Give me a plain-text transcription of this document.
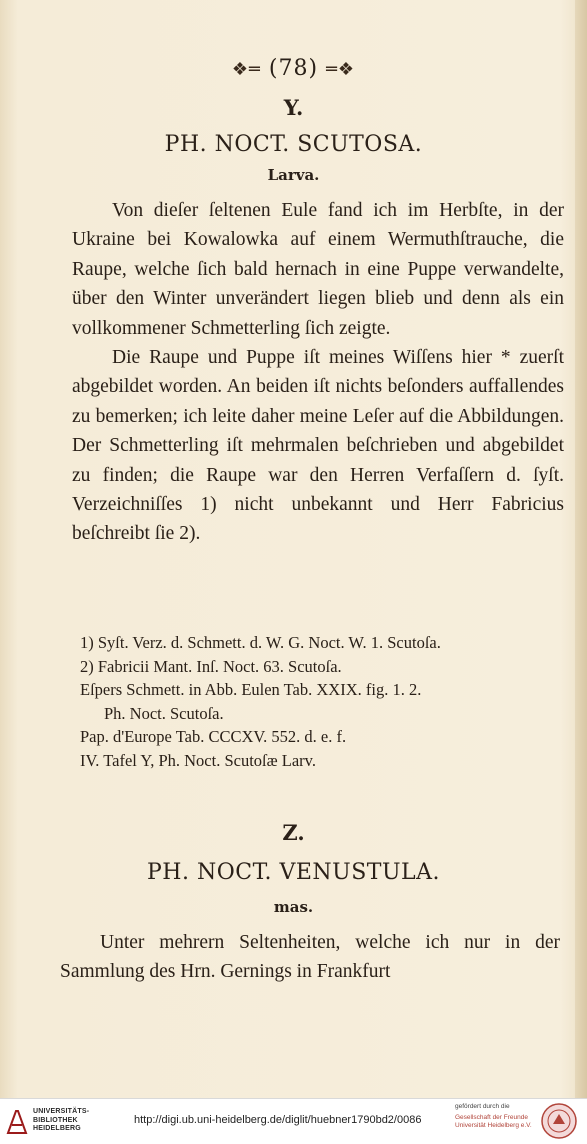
❖═ (78) ═❖
Y.
PH. NOCT. SCUTOSA.
Larva.

Von dieſer ſeltenen Eule fand ich im Herbſte, in der Ukraine bei Kowalowka auf einem Wermuthſtrauche, die Raupe, welche ſich bald hernach in eine Puppe verwandelte, über den Winter unverändert liegen blieb und denn als ein vollkommener Schmetterling ſich zeigte.

Die Raupe und Puppe iſt meines Wiſſens hier * zuerſt abgebildet worden. An beiden iſt nichts beſonders auffallendes zu bemerken; ich leite daher meine Leſer auf die Abbildungen. Der Schmetterling iſt mehrmalen beſchrieben und abgebildet zu finden; die Raupe war den Herren Verfaſſern d. ſyſt. Verzeichniſſes 1) nicht unbekannt und Herr Fabricius beſchreibt ſie 2).

1) Syſt. Verz. d. Schmett. d. W. G. Noct. W. 1. Scutoſa.

2) Fabricii Mant. Inſ. Noct. 63. Scutoſa.

Eſpers Schmett. in Abb. Eulen Tab. XXIX. fig. 1. 2.

Ph. Noct. Scutoſa.

Pap. d'Europe Tab. CCCXV. 552. d. e. f.

IV. Tafel Y, Ph. Noct. Scutoſæ Larv.

Z.
PH. NOCT. VENUSTULA.
mas.

Unter mehrern Seltenheiten, welche ich nur in der Sammlung des Hrn. Gernings in Frankfurt

UNIVERSITÄTS-
BIBLIOTHEK
HEIDELBERG
http://digi.ub.uni-heidelberg.de/diglit/huebner1790bd2/0086
gefördert durch die
Gesellschaft der Freunde
Universität Heidelberg e.V.
